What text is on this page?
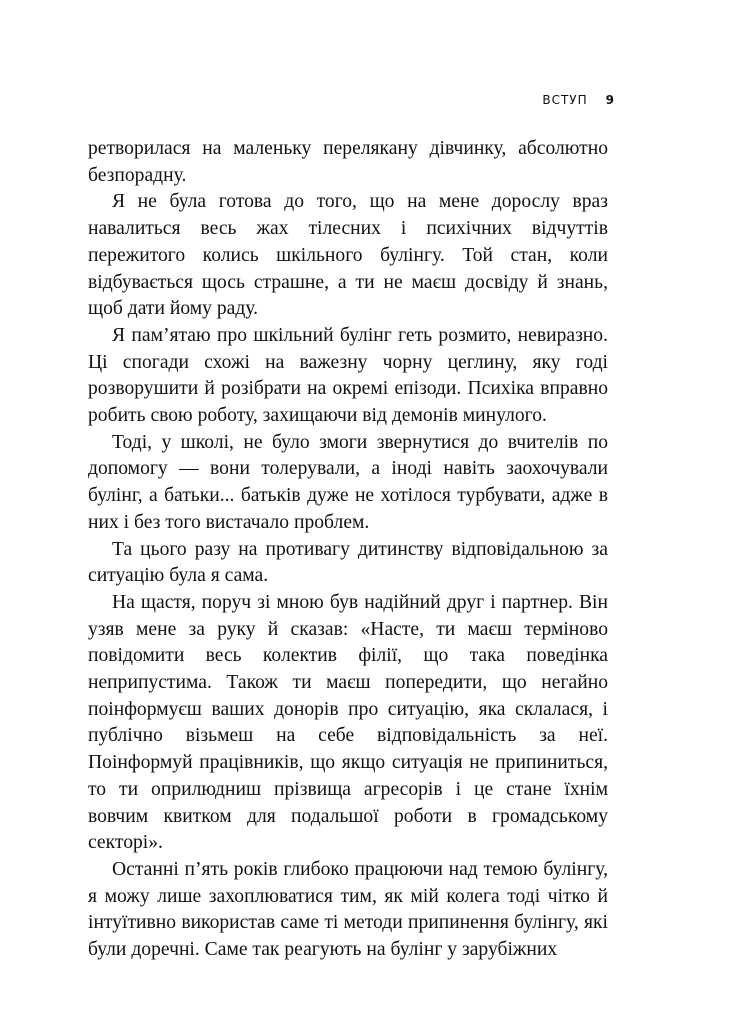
ВСТУП 9

ретворилася на маленьку перелякану дівчинку, абсолютно безпорадну.

Я не була готова до того, що на мене дорослу враз навалиться весь жах тілесних і психічних відчуттів пережитого колись шкільного булінгу. Той стан, коли відбувається щось страшне, а ти не маєш досвіду й знань, щоб дати йому раду.

Я пам’ятаю про шкільний булінг геть розмито, невиразно. Ці спогади схожі на важезну чорну цеглину, яку годі розворушити й розібрати на окремі епізоди. Психіка вправно робить свою роботу, захищаючи від демонів минулого.

Тоді, у школі, не було змоги звернутися до вчителів по допомогу — вони толерували, а іноді навіть заохочували булінг, а батьки... батьків дуже не хотілося турбувати, адже в них і без того вистачало проблем.

Та цього разу на противагу дитинству відповідальною за ситуацію була я сама.

На щастя, поруч зі мною був надійний друг і партнер. Він узяв мене за руку й сказав: «Насте, ти маєш терміново повідомити весь колектив філії, що така поведінка неприпустима. Також ти маєш попередити, що негайно поінформуєш ваших донорів про ситуацію, яка склалася, і публічно візьмеш на себе відповідальність за неї. Поінформуй працівників, що якщо ситуація не припиниться, то ти оприлюдниш прізвища агресорів і це стане їхнім вовчим квитком для подальшої роботи в громадському секторі».

Останні п’ять років глибоко працюючи над темою булінгу, я можу лише захоплюватися тим, як мій колега тоді чітко й інтуїтивно використав саме ті методи припинення булінгу, які були доречні. Саме так реагують на булінг у зарубіжних
